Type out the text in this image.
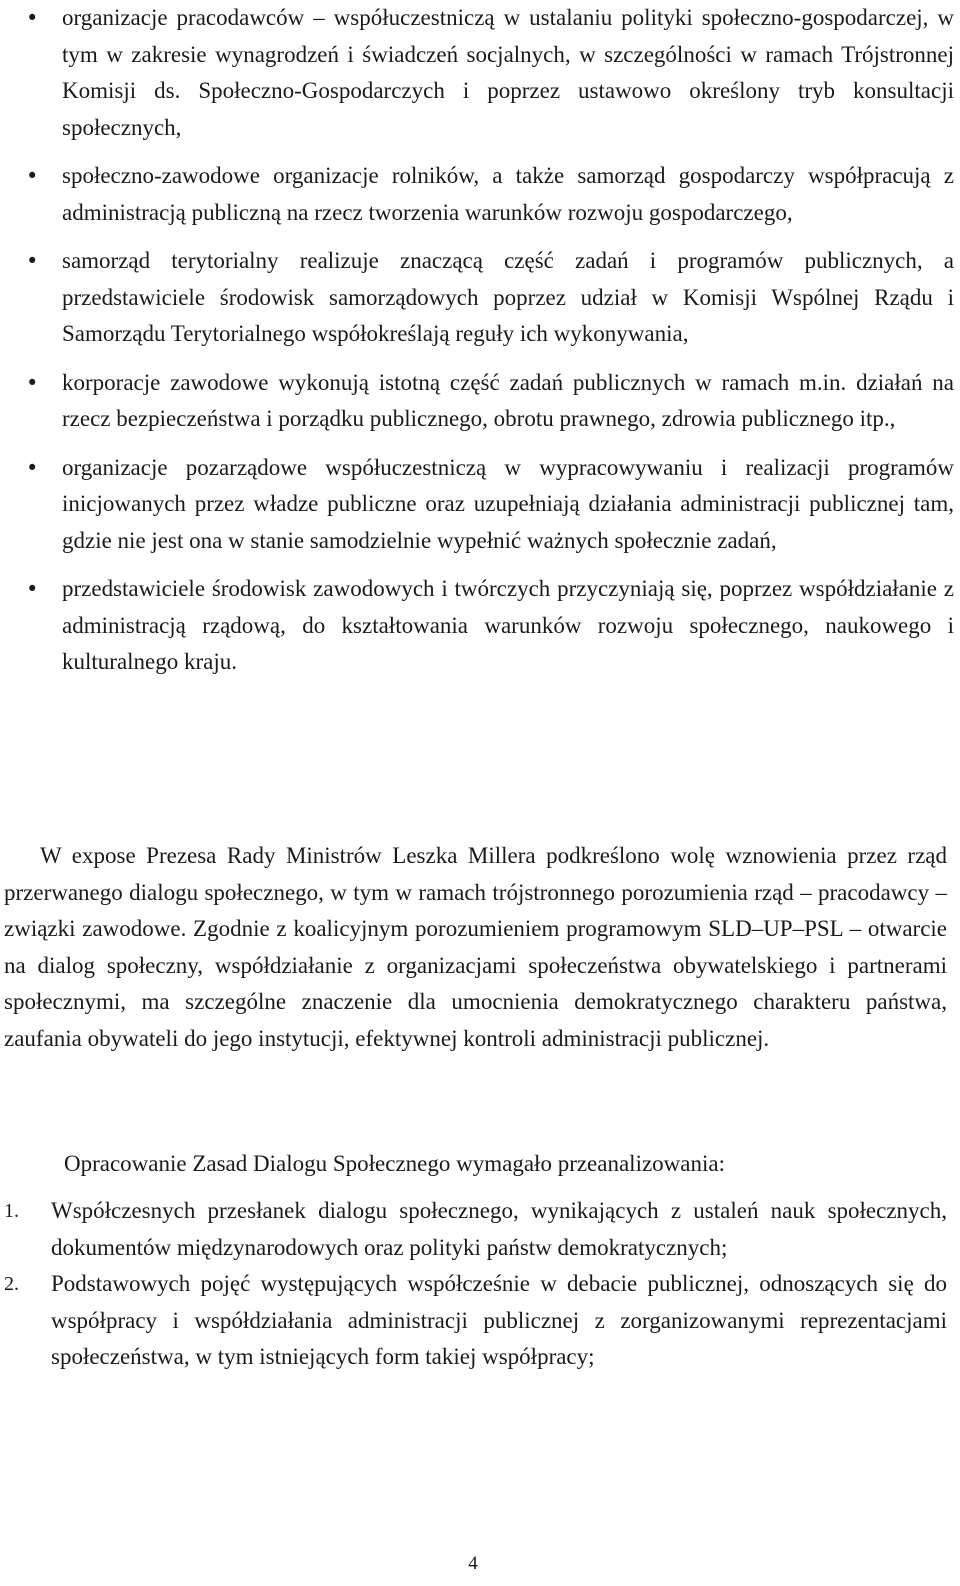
• organizacje pracodawców – współuczestniczą w ustalaniu polityki społeczno-gospodarczej, w tym w zakresie wynagrodzeń i świadczeń socjalnych, w szczególności w ramach Trójstronnej Komisji ds. Społeczno-Gospodarczych i poprzez ustawowo określony tryb konsultacji społecznych,
• społeczno-zawodowe organizacje rolników, a także samorząd gospodarczy współpracują z administracją publiczną na rzecz tworzenia warunków rozwoju gospodarczego,
• samorząd terytorialny realizuje znaczącą część zadań i programów publicznych, a przedstawiciele środowisk samorządowych poprzez udział w Komisji Wspólnej Rządu i Samorządu Terytorialnego współokreślają reguły ich wykonywania,
• korporacje zawodowe wykonują istotną część zadań publicznych w ramach m.in. działań na rzecz bezpieczeństwa i porządku publicznego, obrotu prawnego, zdrowia publicznego itp.,
• organizacje pozarządowe współuczestniczą w wypracowywaniu i realizacji programów inicjowanych przez władze publiczne oraz uzupełniają działania administracji publicznej tam, gdzie nie jest ona w stanie samodzielnie wypełnić ważnych społecznie zadań,
• przedstawiciele środowisk zawodowych i twórczych przyczyniają się, poprzez współdziałanie z administracją rządową, do kształtowania warunków rozwoju społecznego, naukowego i kulturalnego kraju.

W expose Prezesa Rady Ministrów Leszka Millera podkreślono wolę wznowienia przez rząd przerwanego dialogu społecznego, w tym w ramach trójstronnego porozumienia rząd – pracodawcy – związki zawodowe. Zgodnie z koalicyjnym porozumieniem programowym SLD–UP–PSL – otwarcie na dialog społeczny, współdziałanie z organizacjami społeczeństwa obywatelskiego i partnerami społecznymi, ma szczególne znaczenie dla umocnienia demokratycznego charakteru państwa, zaufania obywateli do jego instytucji, efektywnej kontroli administracji publicznej.

Opracowanie Zasad Dialogu Społecznego wymagało przeanalizowania:

1. Współczesnych przesłanek dialogu społecznego, wynikających z ustaleń nauk społecznych, dokumentów międzynarodowych oraz polityki państw demokratycznych;
2. Podstawowych pojęć występujących współcześnie w debacie publicznej, odnoszących się do współpracy i współdziałania administracji publicznej z zorganizowanymi reprezentacjami społeczeństwa, w tym istniejących form takiej współpracy;
4
